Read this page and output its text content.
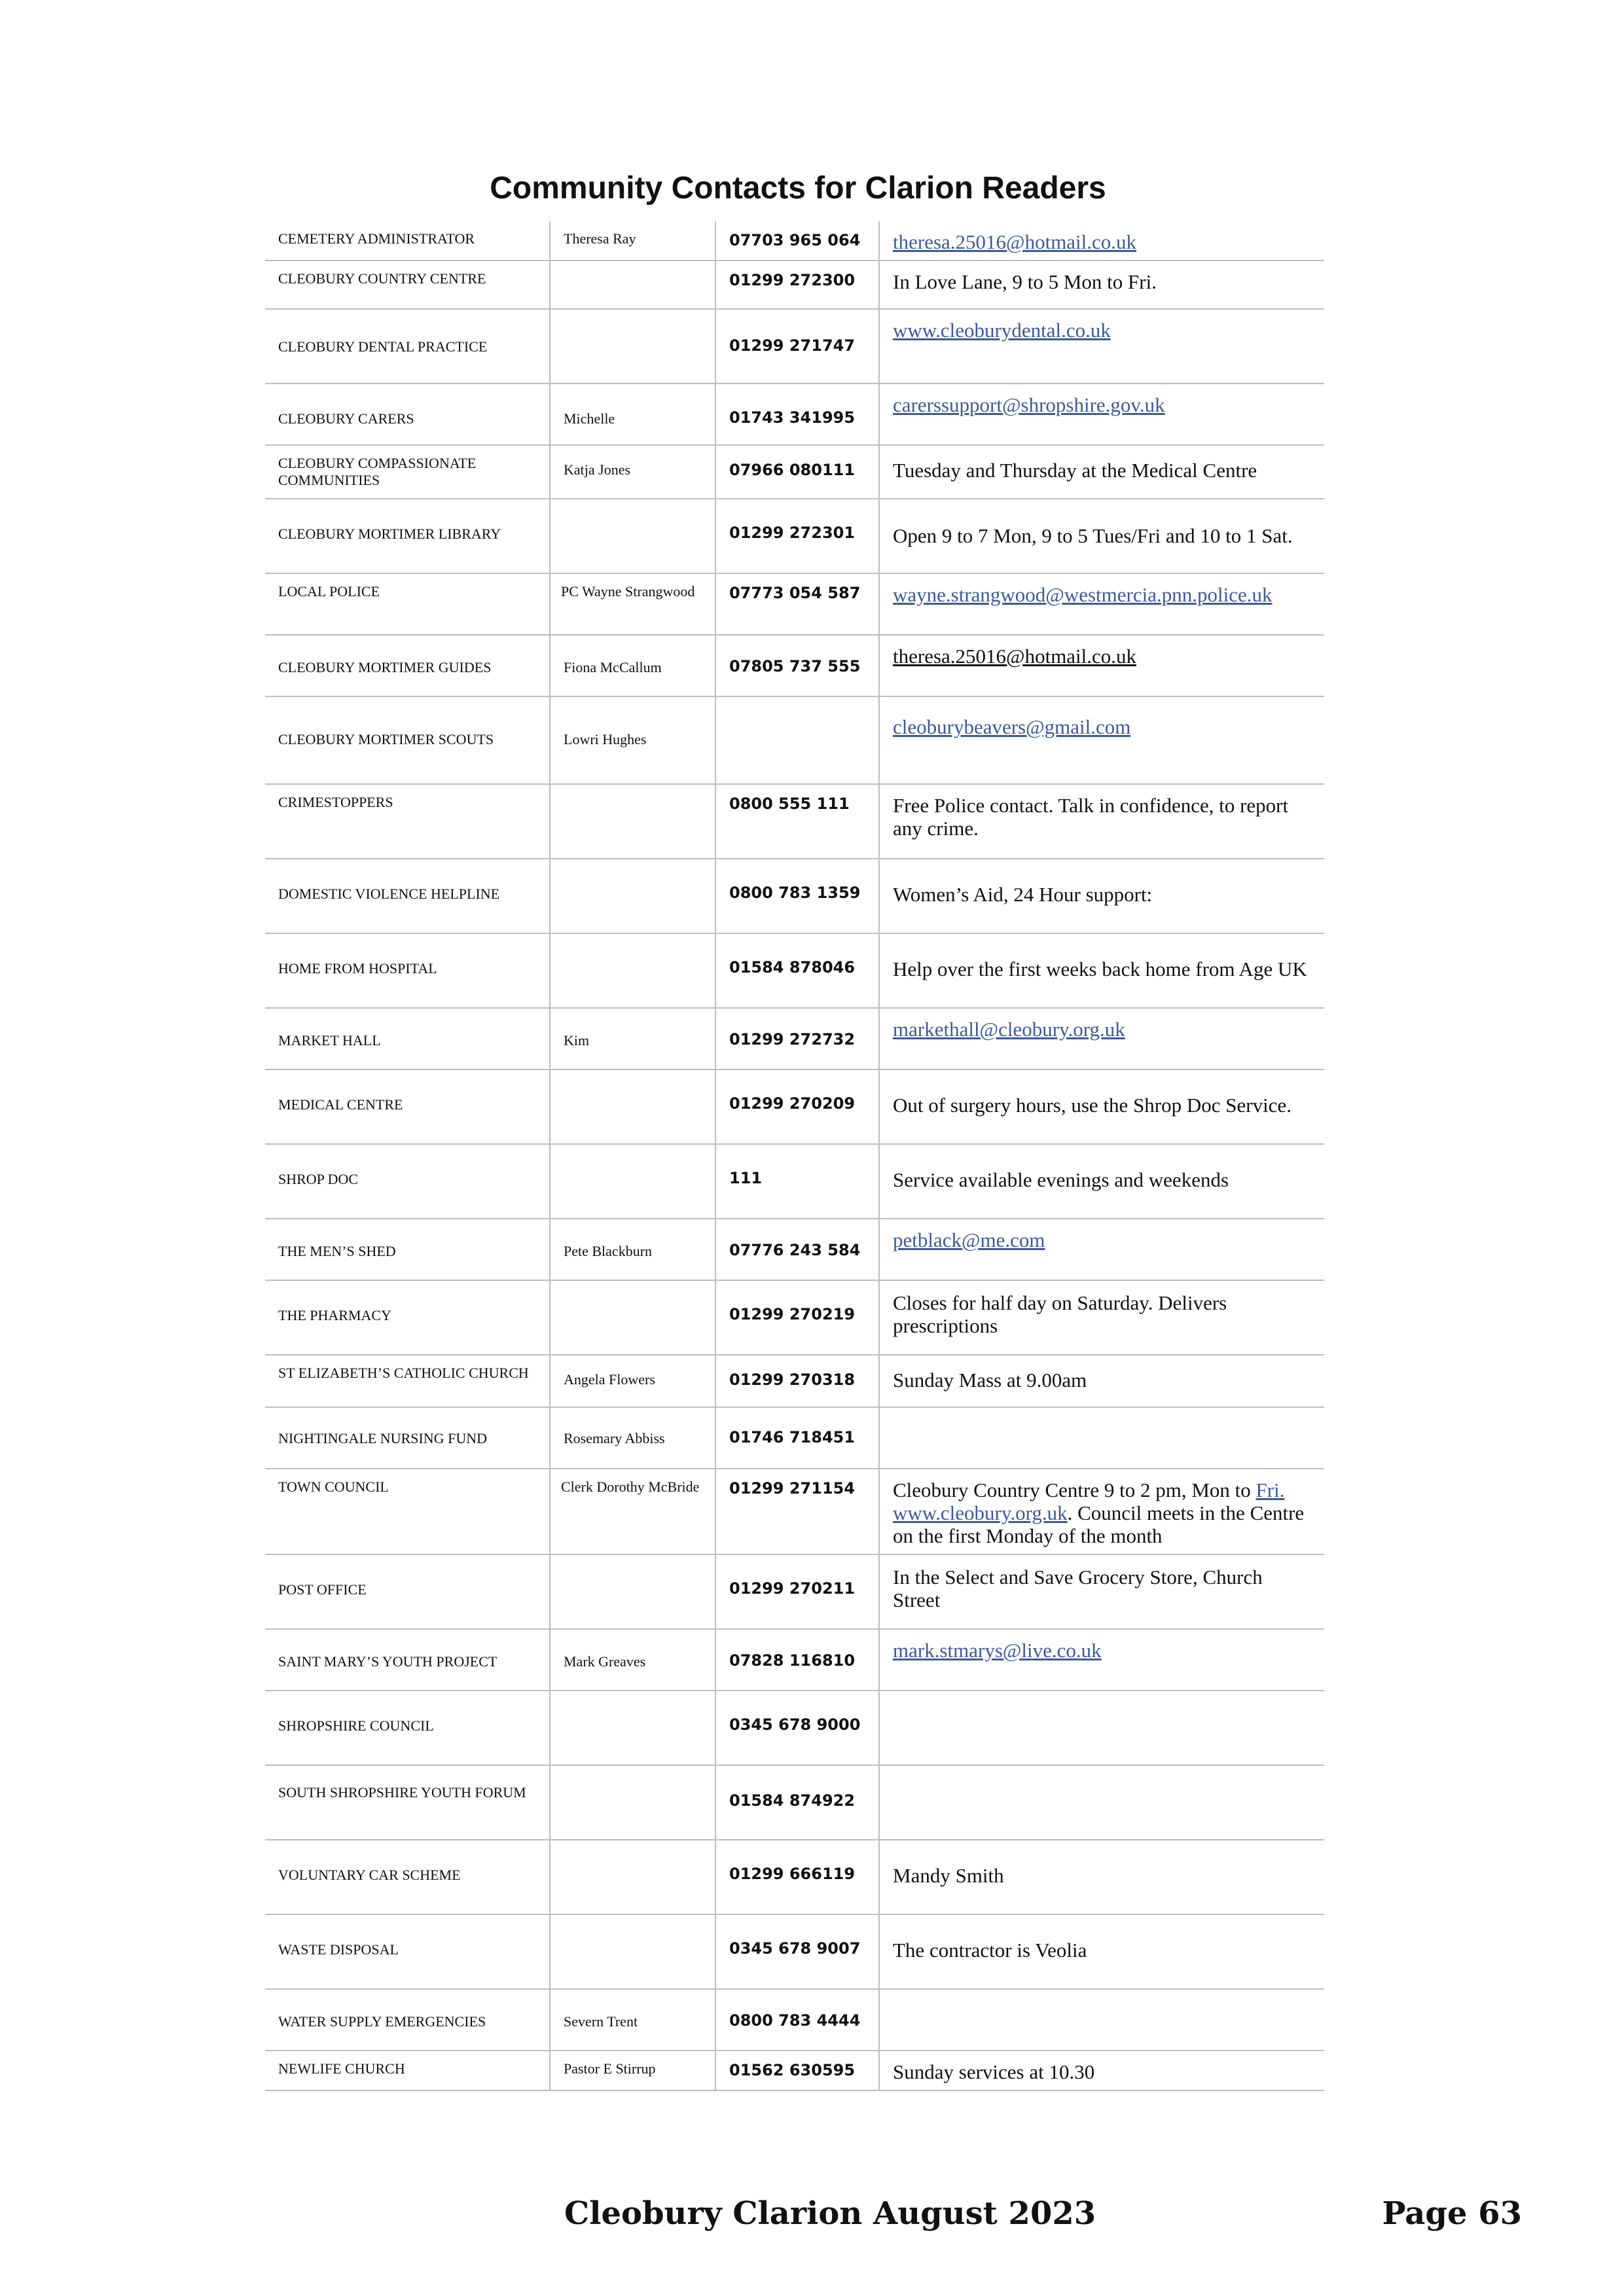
Community Contacts for Clarion Readers
CEMETERY ADMINISTRATOR	Theresa Ray	07703 965 064	theresa.25016@hotmail.co.uk
CLEOBURY COUNTRY CENTRE		01299 272300	In Love Lane, 9 to 5 Mon to Fri.
CLEOBURY DENTAL PRACTICE		01299 271747	www.cleoburydental.co.uk
CLEOBURY CARERS	Michelle	01743 341995	carerssupport@shropshire.gov.uk
CLEOBURY COMPASSIONATE COMMUNITIES	Katja Jones	07966 080111	Tuesday and Thursday at the Medical Centre
CLEOBURY MORTIMER LIBRARY		01299 272301	Open 9 to 7 Mon, 9 to 5 Tues/Fri and 10 to 1 Sat.
LOCAL POLICE	PC Wayne Strangwood	07773 054 587	wayne.strangwood@westmercia.pnn.police.uk
CLEOBURY MORTIMER GUIDES	Fiona McCallum	07805 737 555	theresa.25016@hotmail.co.uk
CLEOBURY MORTIMER SCOUTS	Lowri Hughes		cleoburybeavers@gmail.com
CRIMESTOPPERS		0800 555 111	Free Police contact. Talk in confidence, to report any crime.
DOMESTIC VIOLENCE HELPLINE		0800 783 1359	Women’s Aid, 24 Hour support:
HOME FROM HOSPITAL		01584 878046	Help over the first weeks back home from Age UK
MARKET HALL	Kim	01299 272732	markethall@cleobury.org.uk
MEDICAL CENTRE		01299 270209	Out of surgery hours, use the Shrop Doc Service.
SHROP DOC		111	Service available evenings and weekends
THE MEN’S SHED	Pete Blackburn	07776 243 584	petblack@me.com
THE PHARMACY		01299 270219	Closes for half day on Saturday. Delivers prescriptions
ST ELIZABETH’S CATHOLIC CHURCH	Angela Flowers	01299 270318	Sunday Mass at 9.00am
NIGHTINGALE NURSING FUND	Rosemary Abbiss	01746 718451	
TOWN COUNCIL	Clerk Dorothy McBride	01299 271154	Cleobury Country Centre 9 to 2 pm, Mon to Fri.
www.cleobury.org.uk. Council meets in the Centre on the first Monday of the month
POST OFFICE		01299 270211	In the Select and Save Grocery Store, Church Street
SAINT MARY’S YOUTH PROJECT	Mark Greaves	07828 116810	mark.stmarys@live.co.uk
SHROPSHIRE COUNCIL		0345 678 9000	
SOUTH SHROPSHIRE YOUTH FORUM		01584 874922	
VOLUNTARY CAR SCHEME		01299 666119	Mandy Smith
WASTE DISPOSAL		0345 678 9007	The contractor is Veolia
WATER SUPPLY EMERGENCIES	Severn Trent	0800 783 4444	
NEWLIFE CHURCH	Pastor E Stirrup	01562 630595	Sunday services at 10.30
Cleobury Clarion August 2023	Page 63
